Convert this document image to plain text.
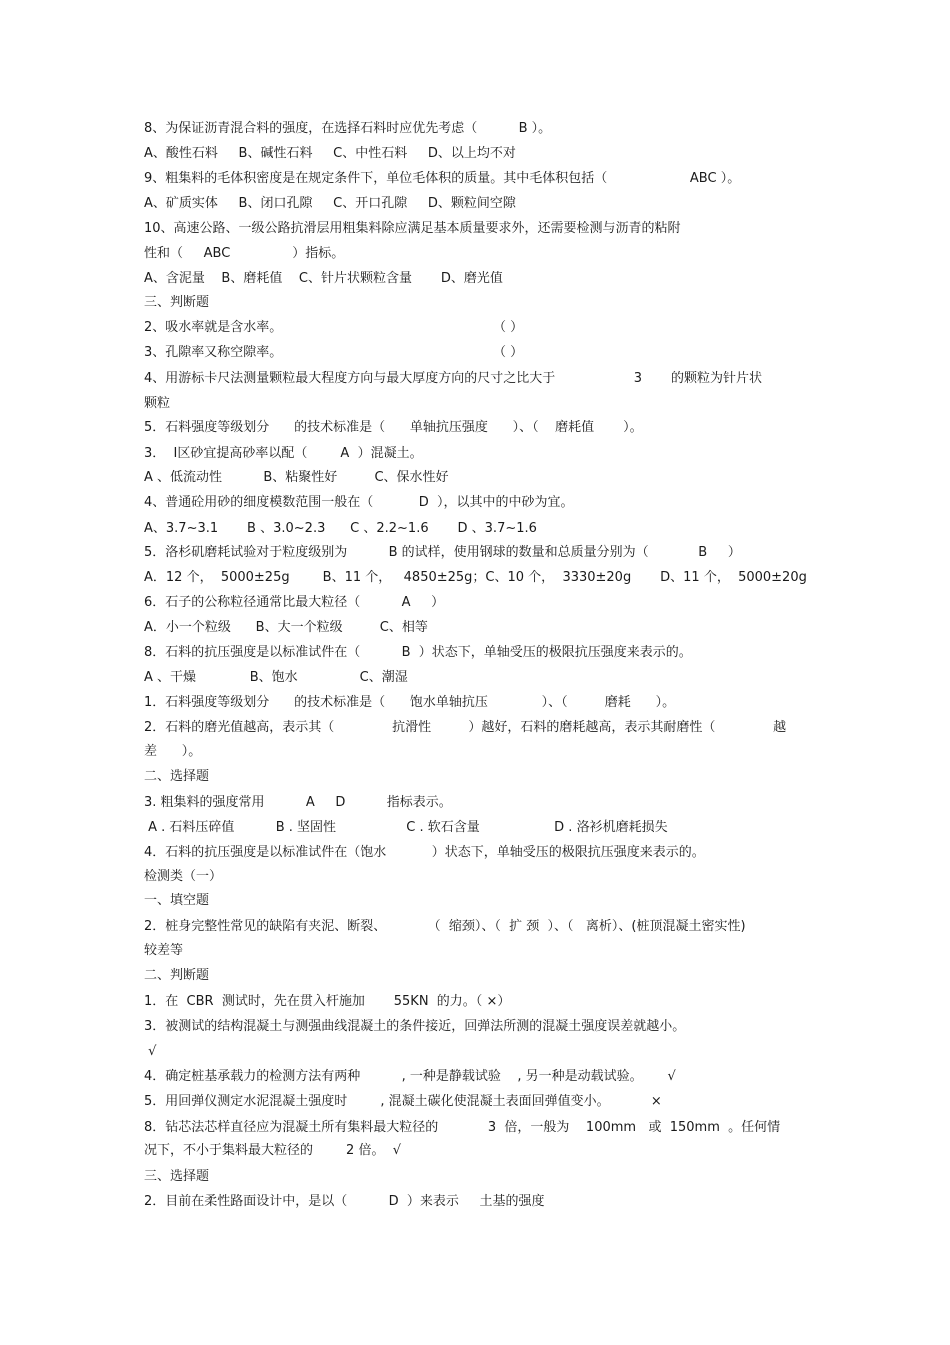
8、为保证沥青混合料的强度，在选择石料时应优先考虑（          B ）。
A、酸性石料     B、碱性石料     C、中性石料     D、以上均不对
9、粗集料的毛体积密度是在规定条件下，单位毛体积的质量。其中毛体积包括（                    ABC ）。
A、矿质实体     B、闭口孔隙     C、开口孔隙     D、颗粒间空隙
10、高速公路、一级公路抗滑层用粗集料除应满足基本质量要求外，还需要检测与沥青的粘附
性和（     ABC               ）指标。
A、含泥量    B、磨耗值    C、针片状颗粒含量       D、磨光值
三、判断题
2、吸水率就是含水率。                                                   （ ）
3、孔隙率又称空隙率。                                                   （ ）
4、用游标卡尺法测量颗粒最大程度方向与最大厚度方向的尺寸之比大于                   3       的颗粒为针片状
颗粒
5．石料强度等级划分      的技术标准是（      单轴抗压强度      ）、（    磨耗值       ）。
3．  Ⅰ区砂宜提高砂率以配（        A  ）混凝土。
A 、低流动性          B、粘聚性好         C、保水性好
4、普通砼用砂的细度模数范围一般在（           D  ），以其中的中砂为宜。
A、3.7~3.1       B 、3.0~2.3      C 、2.2~1.6       D 、3.7~1.6
5．洛杉矶磨耗试验对于粒度级别为          B 的试样，使用钢球的数量和总质量分别为（            B     ）
A．12 个，  5000±25g        B、11 个，   4850±25g；C、10 个，  3330±20g       D、11 个，  5000±20g
6．石子的公称粒径通常比最大粒径（          A     ）
A．小一个粒级      B、大一个粒级         C、相等
8．石料的抗压强度是以标准试件在（          B  ）状态下，单轴受压的极限抗压强度来表示的。
A 、干燥             B、饱水               C、潮湿
1．石料强度等级划分      的技术标准是（      饱水单轴抗压             ）、（         磨耗      ）。
2．石料的磨光值越高，表示其（              抗滑性         ）越好，石料的磨耗越高，表示其耐磨性（              越
差      ）。
二、选择题
3. 粗集料的强度常用          A     D          指标表示。
A . 石料压碎值          B . 坚固性                 C . 软石含量                  D . 洛衫机磨耗损失
4．石料的抗压强度是以标准试件在（饱水           ）状态下，单轴受压的极限抗压强度来表示的。
检测类（一）
一、填空题
2．桩身完整性常见的缺陷有夹泥、断裂、          （  缩颈）、（  扩 颈  ）、（   离析）、(桩顶混凝土密实性)
较差等
二、判断题
1．在  CBR  测试时，先在贯入杆施加       55KN  的力。（ ×）
3．被测试的结构混凝土与测强曲线混凝土的条件接近，回弹法所测的混凝土强度误差就越小。
√
4．确定桩基承载力的检测方法有两种          , 一种是静载试验    , 另一种是动载试验。      √
5．用回弹仪测定水泥混凝土强度时        , 混凝土碳化使混凝土表面回弹值变小。          ×
8．钻芯法芯样直径应为混凝土所有集料最大粒径的            3  倍，一般为    100mm   或  150mm  。任何情
况下，不小于集料最大粒径的        2 倍。  √
三、选择题
2．目前在柔性路面设计中，是以（          D  ）来表示     土基的强度
